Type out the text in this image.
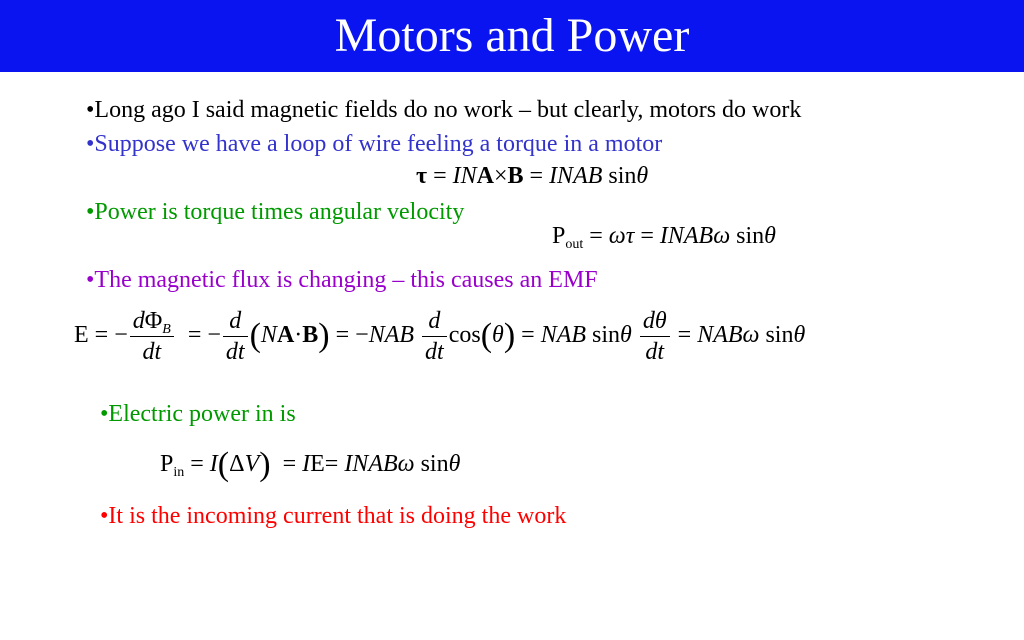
Motors and Power
•Long ago I said magnetic fields do no work – but clearly, motors do work
•Suppose we have a loop of wire feeling a torque in a motor
τ = INA×B = INAB sinθ
•Power is torque times angular velocity
$P_{out} = \omega\tau$ = INABω sinθ
•The magnetic flux is changing – this causes an EMF
E = − $\frac{d\Phi_B}{dt}$ = − $\frac{d}{dt} (NA\cdot B) = -NAB \frac{d}{dt} \cos(\theta)$ = NAB sinθ $\frac{d\theta}{dt} = NAB\omega$ sinθ
•Electric power in is
$P_{in} = I(\Delta V) = IE=$ INABω sinθ
•It is the incoming current that is doing the work
